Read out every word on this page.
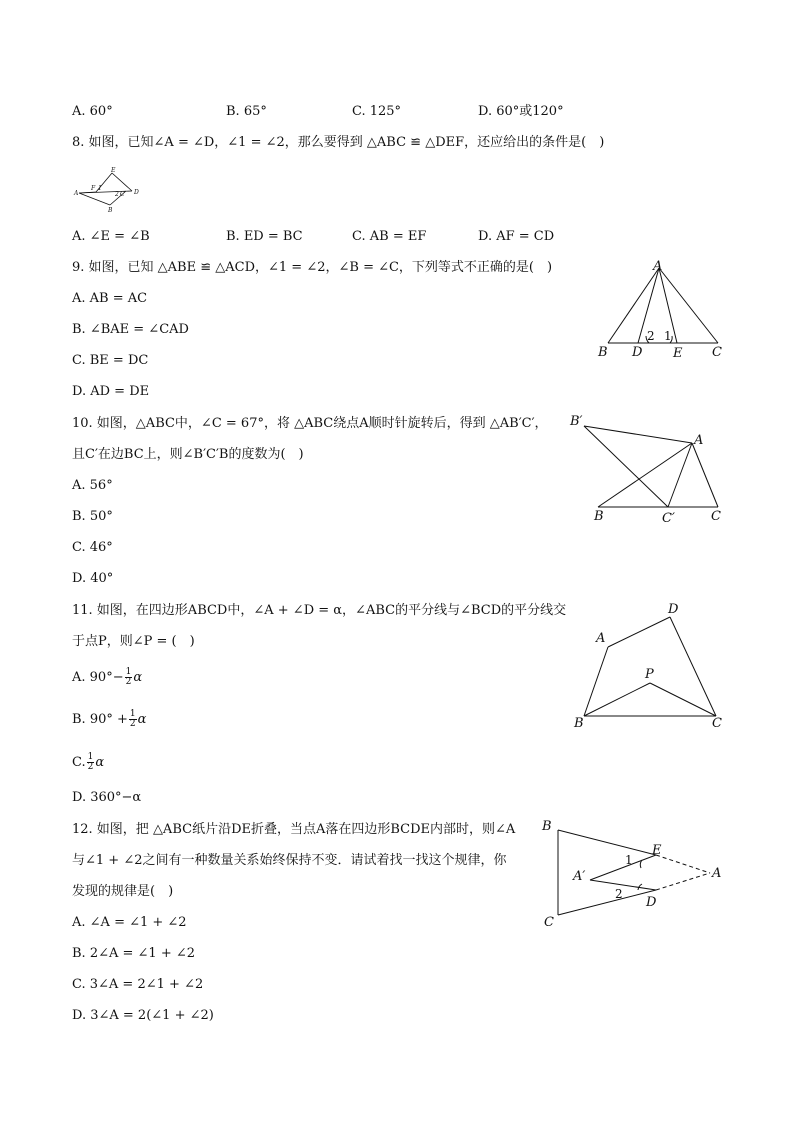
A. 60°	B. 65°	C. 125°	D. 60°或120°
8. 如图，已知∠A = ∠D，∠1 = ∠2，那么要得到 △ABC ≌ △DEF，还应给出的条件是(　)
A
B
C D
E
F 1
2
A. ∠E = ∠B	B. ED = BC	C. AB = EF	D. AF = CD
9. 如图，已知 △ABE ≌ △ACD，∠1 = ∠2，∠B = ∠C，下列等式不正确的是(　)
A. AB = AC
B. ∠BAE = ∠CAD
C. BE = DC
D. AD = DE
A
B D E C
2 1
10. 如图，△ABC中，∠C = 67°，将 △ABC绕点A顺时针旋转后，得到 △AB′C′，
且C′在边BC上，则∠B′C′B的度数为(　)
A. 56°
B. 50°
C. 46°
D. 40°
B′
A
B	C′	C
11. 如图，在四边形ABCD中，∠A + ∠D = α，∠ABC的平分线与∠BCD的平分线交
于点P，则∠P = (　)
A. $90^\circ- \frac{1}{2}$ α
B. $90^\circ + \frac{1}{2}$ α
C. $\frac{1}{2}$ α
D. 360°−α
D
A
P
B	C
12. 如图，把 △ABC纸片沿DE折叠，当点A落在四边形BCDE内部时，则∠A
与∠1 + ∠2之间有一种数量关系始终保持不变．请试着找一找这个规律，你
发现的规律是(　)
A. ∠A = ∠1 + ∠2
B. 2∠A = ∠1 + ∠2
C. 3∠A = 2∠1 + ∠2
D. 3∠A = 2(∠1 + ∠2)
B
C
E
D
A′	A
1
2
